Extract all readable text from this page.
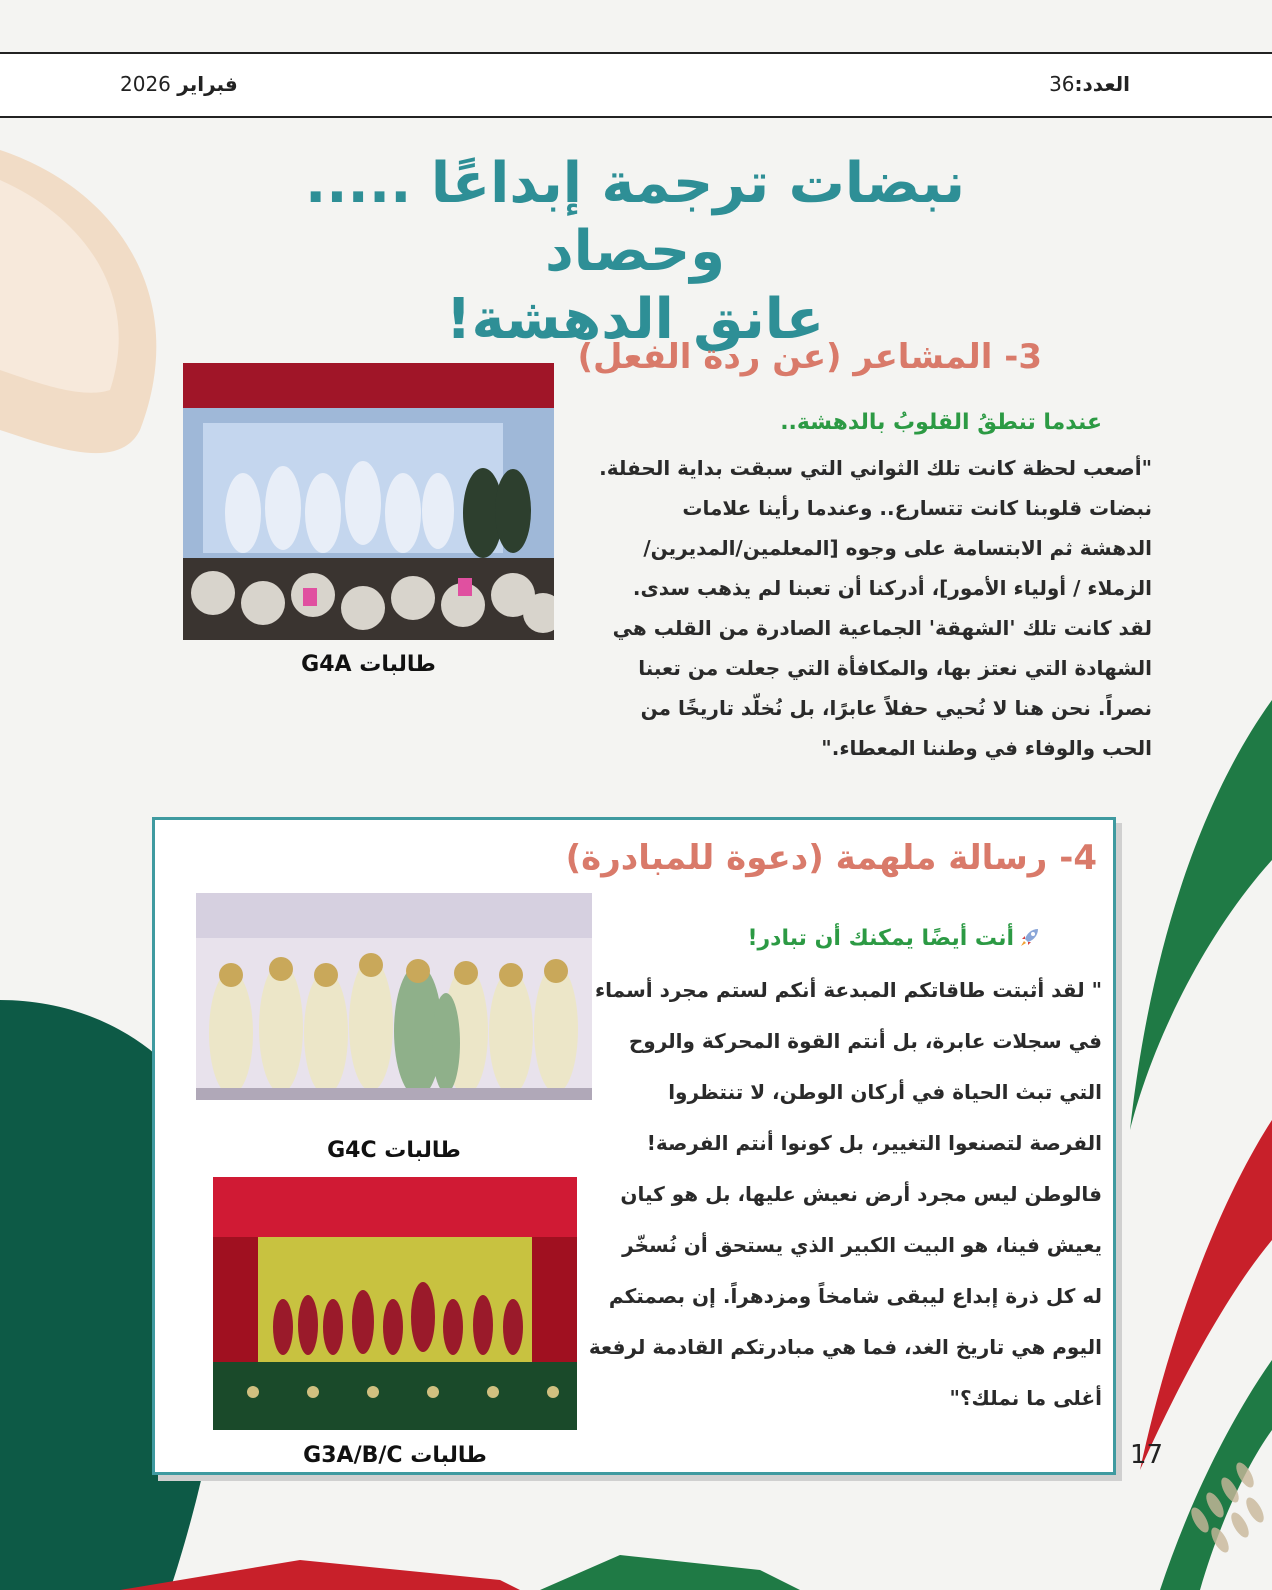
العدد:36
فبراير 2026
نبضات ترجمة إبداعًا ..... وحصاد
عانق الدهشة!
3- المشاعر (عن ردة الفعل)
عندما تنطقُ القلوبُ بالدهشة..
"أصعب لحظة كانت تلك الثواني التي سبقت بداية الحفلة.
نبضات قلوبنا كانت تتسارع.. وعندما رأينا علامات
الدهشة ثم الابتسامة على وجوه [المعلمين/المديرين/
الزملاء / أولياء الأمور]، أدركنا أن تعبنا لم يذهب سدى.
لقد كانت تلك 'الشهقة' الجماعية الصادرة من القلب هي
الشهادة التي نعتز بها، والمكافأة التي جعلت من تعبنا
نصراً. نحن هنا لا نُحيي حفلاً عابرًا، بل نُخلّد تاريخًا من
الحب والوفاء في وطننا المعطاء."
طالبات G4A
4- رسالة ملهمة (دعوة للمبادرة)
أنت أيضًا يمكنك أن تبادر!
" لقد أثبتت طاقاتكم المبدعة أنكم لستم مجرد أسماء
في سجلات عابرة، بل أنتم القوة المحركة والروح
التي تبث الحياة في أركان الوطن، لا تنتظروا
الفرصة لتصنعوا التغيير، بل كونوا أنتم الفرصة!
فالوطن ليس مجرد أرض نعيش عليها، بل هو كيان
يعيش فينا، هو البيت الكبير الذي يستحق أن نُسخّر
له كل ذرة إبداع ليبقى شامخاً ومزدهراً. إن بصمتكم
اليوم هي تاريخ الغد، فما هي مبادرتكم القادمة لرفعة
أغلى ما نملك؟"
طالبات G4C
طالبات G3A/B/C	17
